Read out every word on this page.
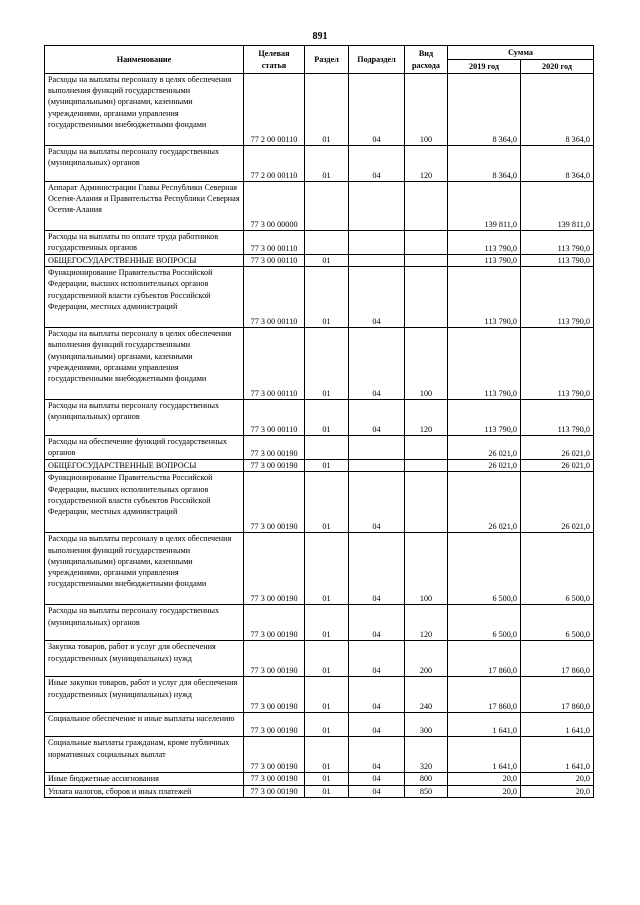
891
Наименование	Целевая статья	Раздел	Подраздел	Вид расхода	Сумма	
					2019 год	2020 год
Расходы на выплаты персоналу в целях обеспечения выполнения функций государственными (муниципальными) органами, казенными учреждениями, органами управления государственными внебюджетными фондами	77 2 00 00110	01	04	100	8 364,0	8 364,0
Расходы на выплаты персоналу государственных (муниципальных) органов	77 2 00 00110	01	04	120	8 364,0	8 364,0
Аппарат Администрации Главы Республики Северная Осетия-Алания и Правительства Республики Северная Осетия-Алания	77 3 00 00000				139 811,0	139 811,0
Расходы на выплаты по оплате труда работников государственных органов	77 3 00 00110				113 790,0	113 790,0
ОБЩЕГОСУДАРСТВЕННЫЕ ВОПРОСЫ	77 3 00 00110	01			113 790,0	113 790,0
Функционирование Правительства Российской Федерации, высших исполнительных органов государственной власти субъектов Российской Федерации, местных администраций	77 3 00 00110	01	04		113 790,0	113 790,0
Расходы на выплаты персоналу в целях обеспечения выполнения функций государственными (муниципальными) органами, казенными учреждениями, органами управления государственными внебюджетными фондами	77 3 00 00110	01	04	100	113 790,0	113 790,0
Расходы на выплаты персоналу государственных (муниципальных) органов	77 3 00 00110	01	04	120	113 790,0	113 790,0
Расходы на обеспечение функций государственных органов	77 3 00 00190				26 021,0	26 021,0
ОБЩЕГОСУДАРСТВЕННЫЕ ВОПРОСЫ	77 3 00 00190	01			26 021,0	26 021,0
Функционирование Правительства Российской Федерации, высших исполнительных органов государственной власти субъектов Российской Федерации, местных администраций	77 3 00 00190	01	04		26 021,0	26 021,0
Расходы на выплаты персоналу в целях обеспечения выполнения функций государственными (муниципальными) органами, казенными учреждениями, органами управления государственными внебюджетными фондами	77 3 00 00190	01	04	100	6 500,0	6 500,0
Расходы на выплаты персоналу государственных (муниципальных) органов	77 3 00 00190	01	04	120	6 500,0	6 500,0
Закупка товаров, работ и услуг для обеспечения государственных (муниципальных) нужд	77 3 00 00190	01	04	200	17 860,0	17 860,0
Иные закупки товаров, работ и услуг для обеспечения государственных (муниципальных) нужд	77 3 00 00190	01	04	240	17 860,0	17 860,0
Социальное обеспечение и иные выплаты населению	77 3 00 00190	01	04	300	1 641,0	1 641,0
Социальные выплаты гражданам, кроме публичных нормативных социальных выплат	77 3 00 00190	01	04	320	1 641,0	1 641,0
Иные бюджетные ассигнования	77 3 00 00190	01	04	800	20,0	20,0
Уплата налогов, сборов и иных платежей	77 3 00 00190	01	04	850	20,0	20,0
